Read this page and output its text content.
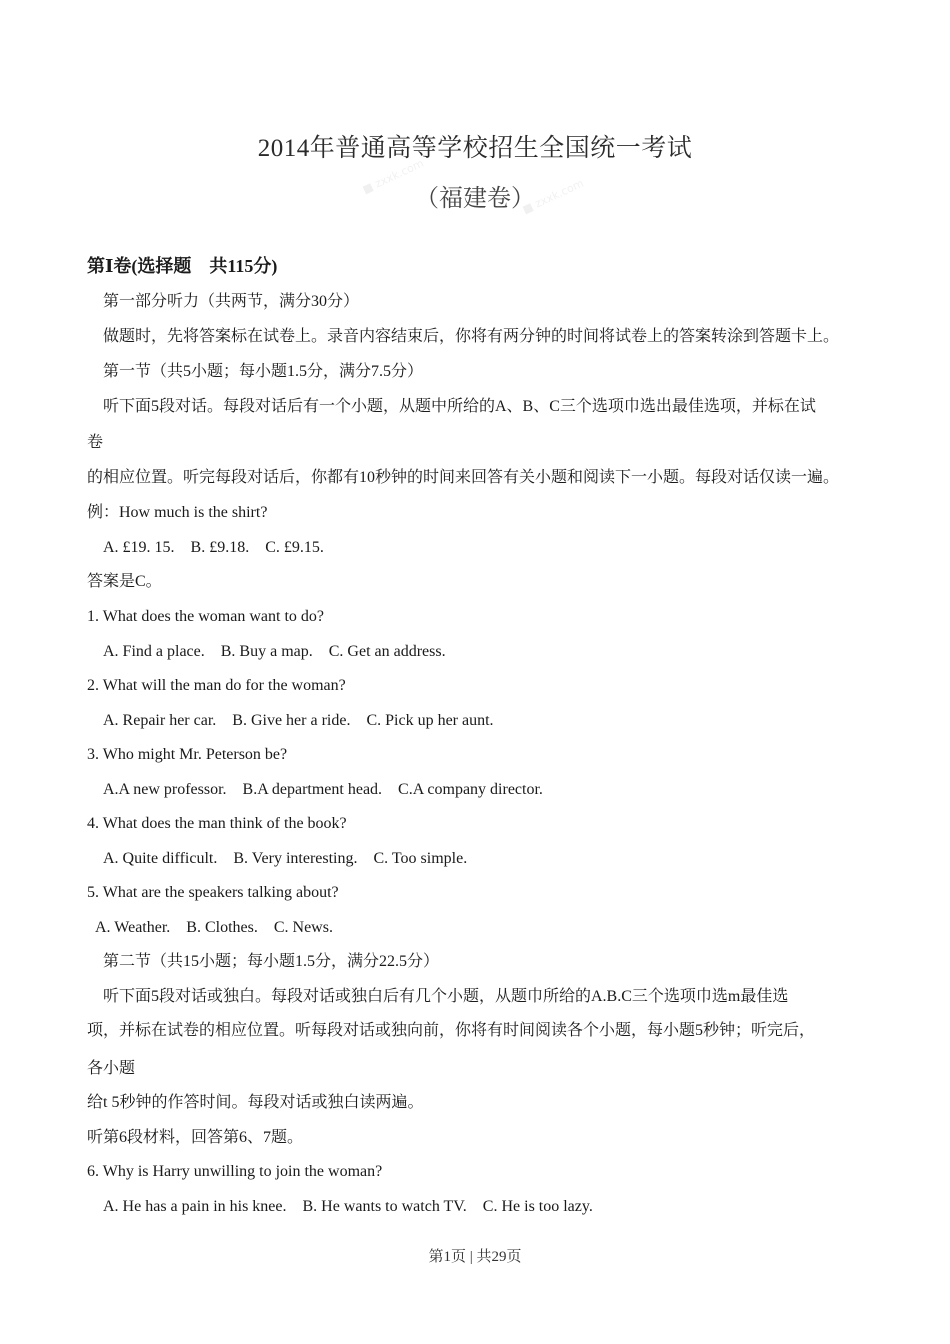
■ zxxk.com
■ zxxk.com
2014年普通高等学校招生全国统一考试
（福建卷）
第Ⅰ卷(选择题　共115分)
第一部分听力（共两节，满分30分）
做题时，先将答案标在试卷上。录音内容结束后，你将有两分钟的时间将试卷上的答案转涂到答题卡上。
第一节（共5小题；每小题1.5分，满分7.5分）
听下面5段对话。每段对话后有一个小题，从题中所给的A、B、C三个选项巾选出最佳选项，并标在试
卷
的相应位置。听完每段对话后，你都有10秒钟的时间来回答有关小题和阅读下一小题。每段对话仅读一遍。
例：How much is the shirt?
A. £19. 15.　B. £9.18.　C. £9.15.
答案是C。
1. What does the woman want to do?
A. Find a place.　B. Buy a map.　C. Get an address.
2. What will the man do for the woman?
A. Repair her car.　B. Give her a ride.　C. Pick up her aunt.
3. Who might Mr. Peterson be?
A.A new professor.　B.A department head.　C.A company director.
4. What does the man think of the book?
A. Quite difficult.　B. Very interesting.　C. Too simple.
5. What are the speakers talking about?
A. Weather.　B. Clothes.　C. News.
第二节（共15小题；每小题1.5分，满分22.5分）
听下面5段对话或独白。每段对话或独白后有几个小题，从题巾所给的A.B.C三个选项巾选m最佳选
项，并标在试卷的相应位置。听每段对话或独向前，你将有时间阅读各个小题，每小题5秒钟；听完后，
各小题
给t 5秒钟的作答时间。每段对话或独白读两遍。
听第6段材料，回答第6、7题。
6. Why is Harry unwilling to join the woman?
A. He has a pain in his knee.　B. He wants to watch TV.　C. He is too lazy.
第1页 | 共29页
